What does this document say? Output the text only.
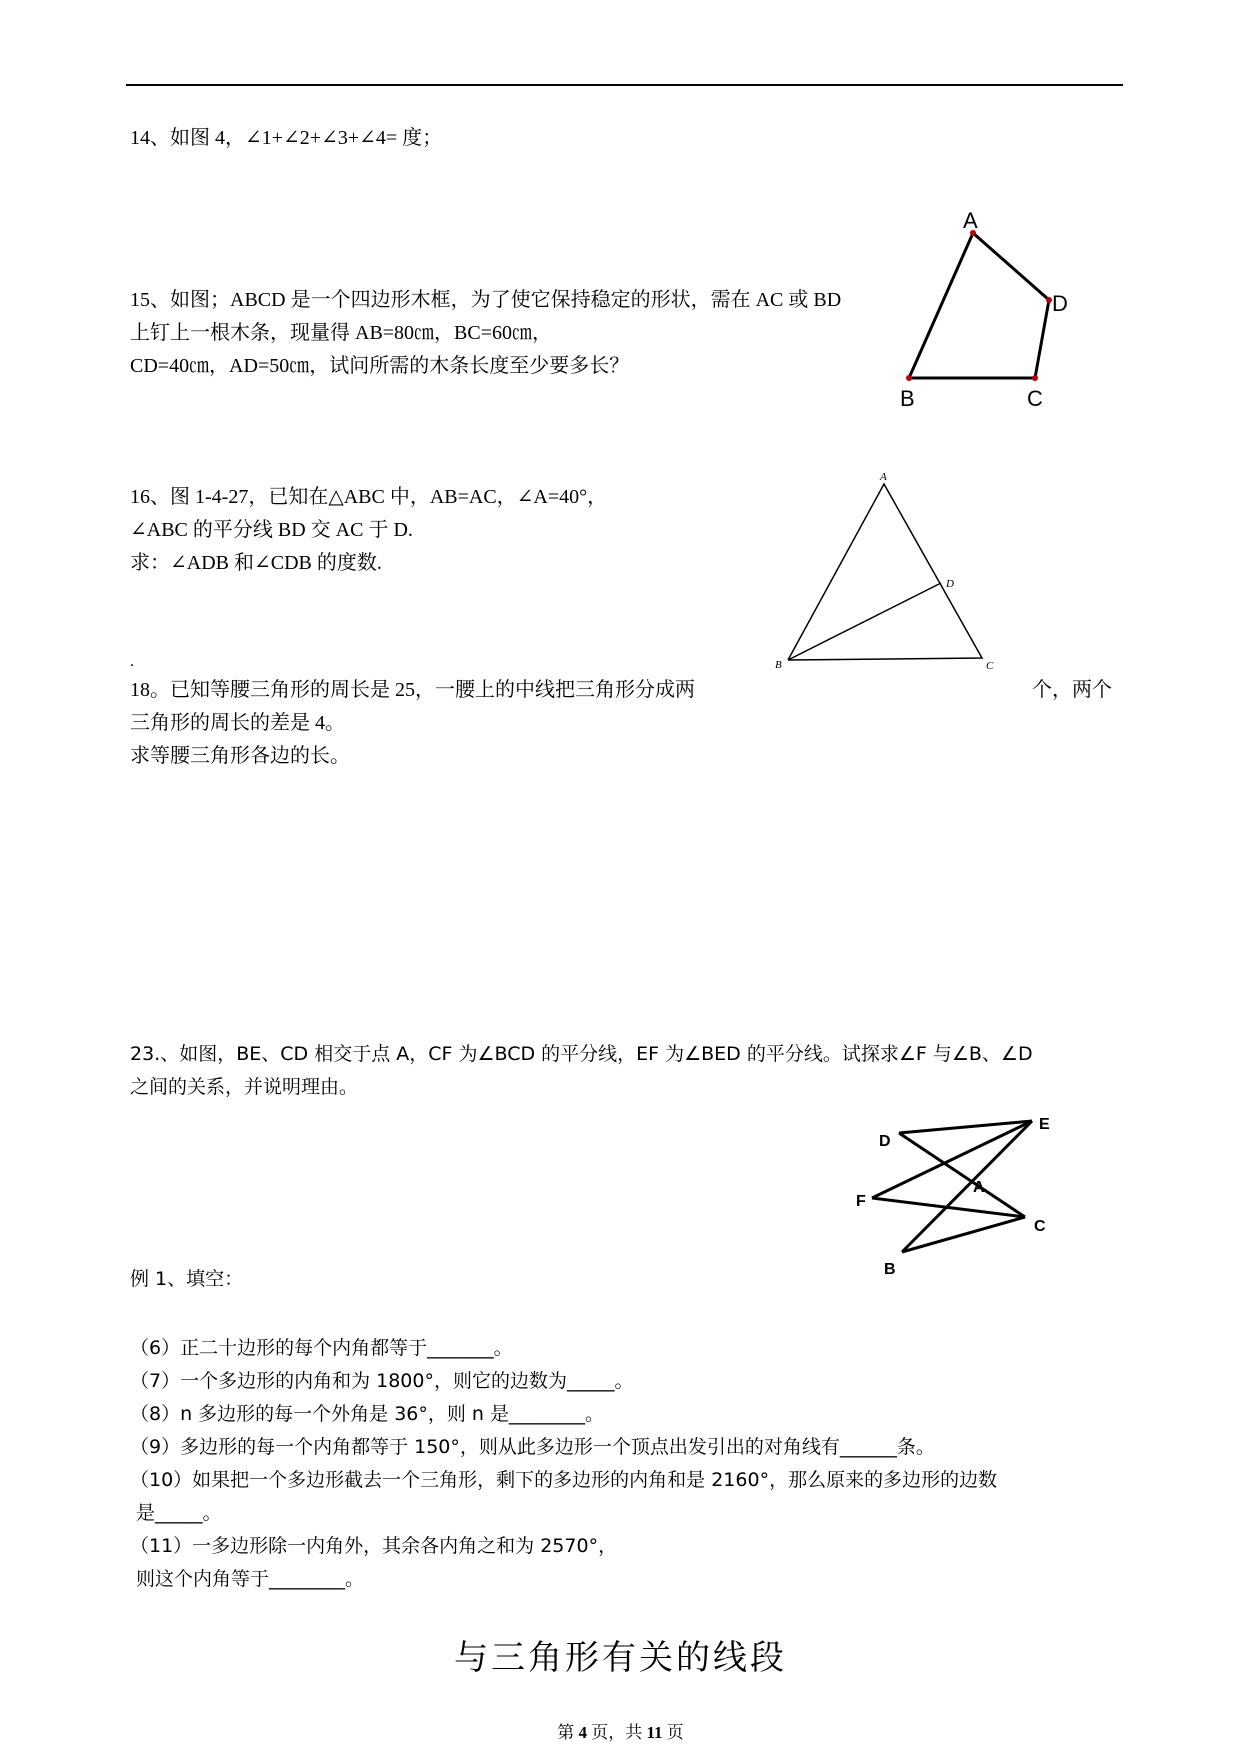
14、如图 4，∠1+∠2+∠3+∠4= 度；
15、如图；ABCD 是一个四边形木框，为了使它保持稳定的形状，需在 AC 或 BD
上钉上一根木条，现量得 AB=80㎝，BC=60㎝，
CD=40㎝，AD=50㎝，试问所需的木条长度至少要多长？
A
D
B	C
16、图 1-4-27，已知在△ABC 中，AB=AC，∠A=40°，
∠ABC 的平分线 BD 交 AC 于 D.
求：∠ADB 和∠CDB 的度数.
A
D
B	C
.
18。已知等腰三角形的周长是 25，一腰上的中线把三角形分成两	个，两个
三角形的周长的差是 4。
求等腰三角形各边的长。
23.、如图，BE、CD 相交于点 A，CF 为∠BCD 的平分线，EF 为∠BED 的平分线。试探求∠F 与∠B、∠D
之间的关系，并说明理由。
D
E
A
F
C
B
例 1、填空：
（6）正二十边形的每个内角都等于_______。
（7）一个多边形的内角和为 1800°，则它的边数为_____。
（8）n 多边形的每一个外角是 36°，则 n 是________。
（9）多边形的每一个内角都等于 150°，则从此多边形一个顶点出发引出的对角线有______条。
（10）如果把一个多边形截去一个三角形，剩下的多边形的内角和是 2160°，那么原来的多边形的边数
是_____。
（11）一多边形除一内角外，其余各内角之和为 2570°，
则这个内角等于________。
与三角形有关的线段
第 4 页，共 11 页
